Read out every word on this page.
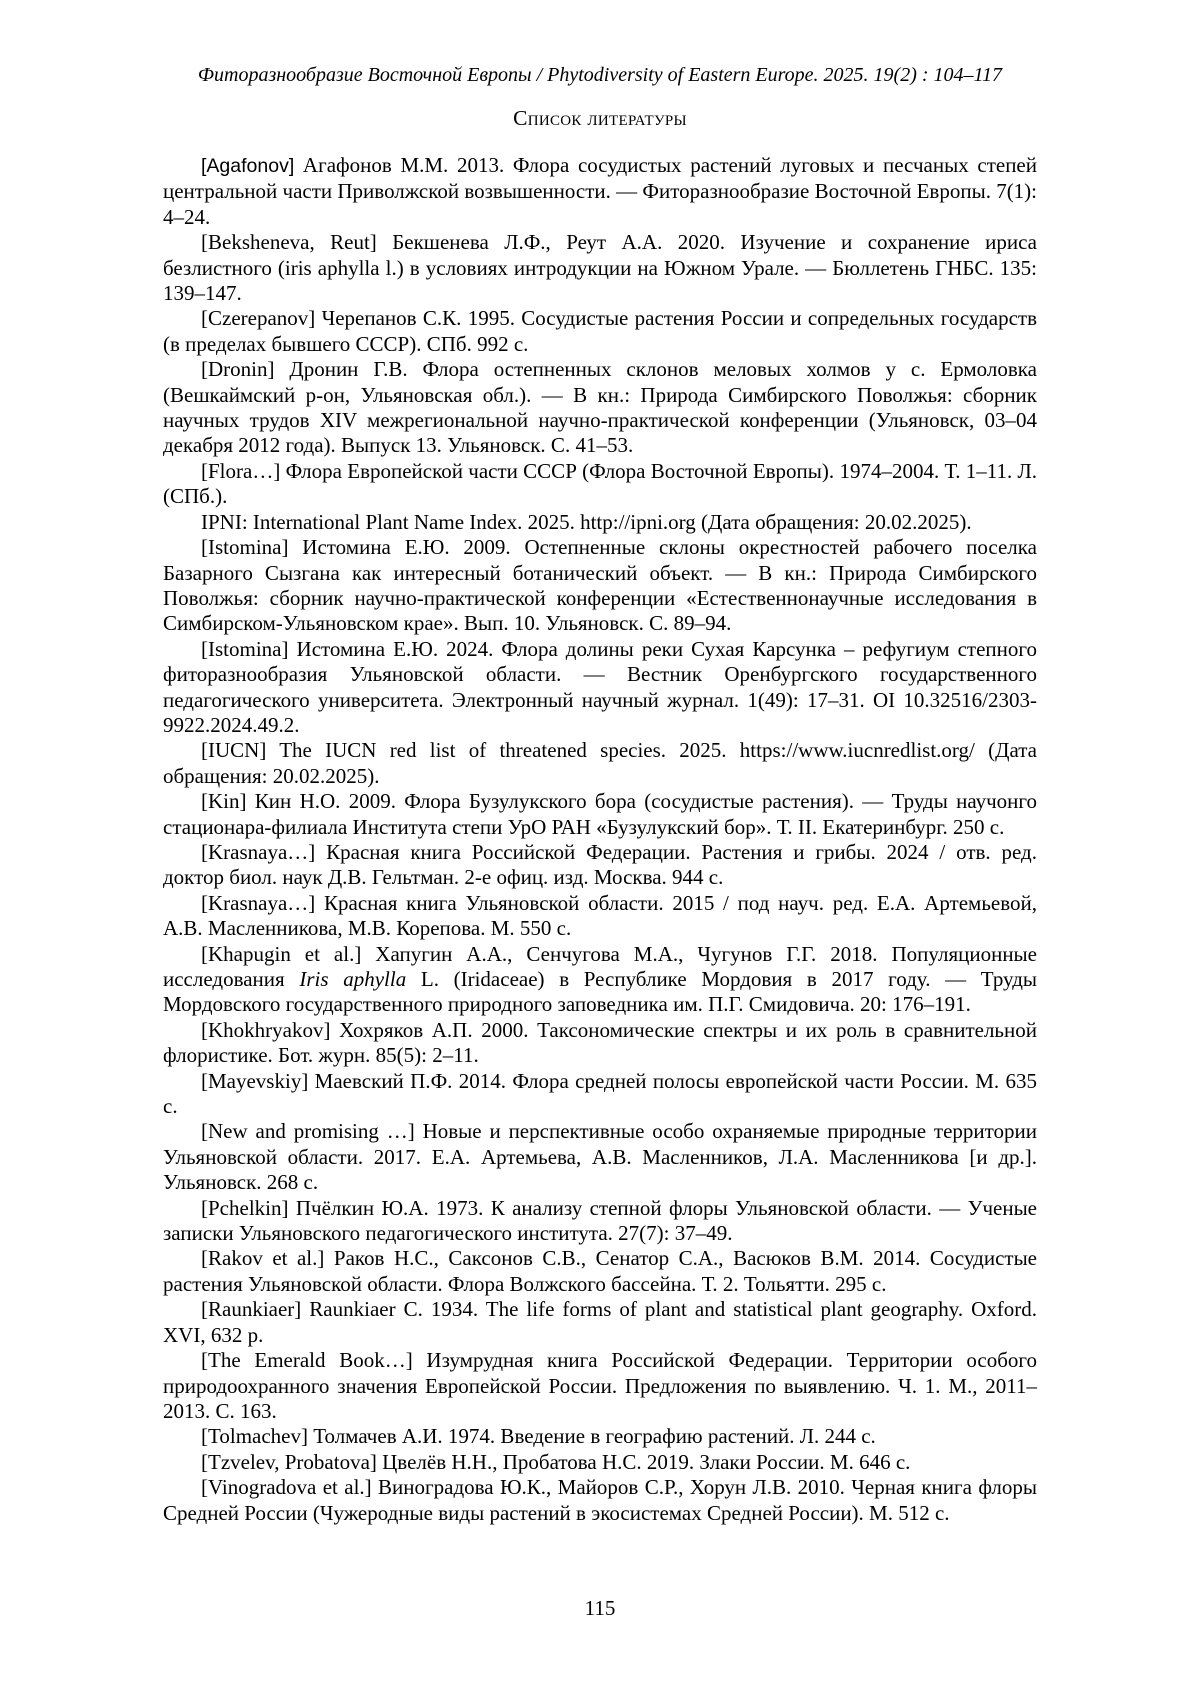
Фиторазнообразие Восточной Европы / Phytodiversity of Eastern Europe. 2025. 19(2) : 104–117
Список литературы

[Agafonov] Агафонов М.М. 2013. Флора сосудистых растений луговых и песчаных степей центральной части Приволжской возвышенности. — Фиторазнообразие Восточной Европы. 7(1): 4–24.

[Beksheneva, Reut] Бекшенева Л.Ф., Реут А.А. 2020. Изучение и сохранение ириса безлистного (iris aphylla l.) в условиях интродукции на Южном Урале. — Бюллетень ГНБС. 135: 139–147.

[Czerepanov] Черепанов С.К. 1995. Сосудистые растения России и сопредельных государств (в пределах бывшего СССР). СПб. 992 с.

[Dronin] Дронин Г.В. Флора остепненных склонов меловых холмов у с. Ермоловка (Вешкаймский р-он, Ульяновская обл.). — В кн.: Природа Симбирского Поволжья: сборник научных трудов XIV межрегиональной научно-практической конференции (Ульяновск, 03–04 декабря 2012 года). Выпуск 13. Ульяновск. С. 41–53.

[Flora…] Флора Европейской части СССР (Флора Восточной Европы). 1974–2004. Т. 1–11. Л. (СПб.).

IPNI: International Plant Name Index. 2025. http://ipni.org (Дата обращения: 20.02.2025).

[Istomina] Истомина Е.Ю. 2009. Остепненные склоны окрестностей рабочего поселка Базарного Сызгана как интересный ботанический объект. — В кн.: Природа Симбирского Поволжья: сборник научно-практической конференции «Естественнонаучные исследования в Симбирском-Ульяновском крае». Вып. 10. Ульяновск. С. 89–94.

[Istomina] Истомина Е.Ю. 2024. Флора долины реки Сухая Карсунка – рефугиум степного фиторазнообразия Ульяновской области. — Вестник Оренбургского государственного педагогического университета. Электронный научный журнал. 1(49): 17–31. OI 10.32516/2303-9922.2024.49.2.

[IUCN] The IUCN red list of threatened species. 2025. https://www.iucnredlist.org/ (Дата обращения: 20.02.2025).

[Kin] Кин Н.О. 2009. Флора Бузулукского бора (сосудистые растения). — Труды научонго стационара-филиала Института степи УрО РАН «Бузулукский бор». Т. II. Екатеринбург. 250 с.

[Krasnaya…] Красная книга Российской Федерации. Растения и грибы. 2024 / отв. ред. доктор биол. наук Д.В. Гельтман. 2-е офиц. изд. Москва. 944 с.

[Krasnaya…] Красная книга Ульяновской области. 2015 / под науч. ред. Е.А. Артемьевой, А.В. Масленникова, М.В. Корепова. М. 550 с.

[Khapugin et al.] Хапугин А.А., Сенчугова М.А., Чугунов Г.Г. 2018. Популяционные исследования Iris aphylla L. (Iridaceae) в Республике Мордовия в 2017 году. — Труды Мордовского государственного природного заповедника им. П.Г. Смидовича. 20: 176–191.

[Khokhryakov] Хохряков А.П. 2000. Таксономические спектры и их роль в сравнительной флористике. Бот. журн. 85(5): 2–11.

[Mayevskiy] Маевский П.Ф. 2014. Флора средней полосы европейской части России. М. 635 с.

[New and promising …] Новые и перспективные особо охраняемые природные территории Ульяновской области. 2017. Е.А. Артемьева, А.В. Масленников, Л.А. Масленникова [и др.]. Ульяновск. 268 с.

[Pchelkin] Пчёлкин Ю.А. 1973. К анализу степной флоры Ульяновской области. — Ученые записки Ульяновского педагогического института. 27(7): 37–49.

[Rakov et al.] Раков Н.С., Саксонов С.В., Сенатор С.А., Васюков В.М. 2014. Сосудистые растения Ульяновской области. Флора Волжского бассейна. Т. 2. Тольятти. 295 с.

[Raunkiaer] Raunkiaer C. 1934. The life forms of plant and statistical plant geography. Oxford. XVI, 632 p.

[The Emerald Book…] Изумрудная книга Российской Федерации. Территории особого природоохранного значения Европейской России. Предложения по выявлению. Ч. 1. М., 2011–2013. С. 163.

[Tolmachev] Толмачев А.И. 1974. Введение в географию растений. Л. 244 с.

[Tzvelev, Probatova] Цвелёв Н.Н., Пробатова Н.С. 2019. Злаки России. М. 646 с.

[Vinogradova et al.] Виноградова Ю.К., Майоров С.Р., Хорун Л.В. 2010. Черная книга флоры Средней России (Чужеродные виды растений в экосистемах Средней России). М. 512 с.

115
